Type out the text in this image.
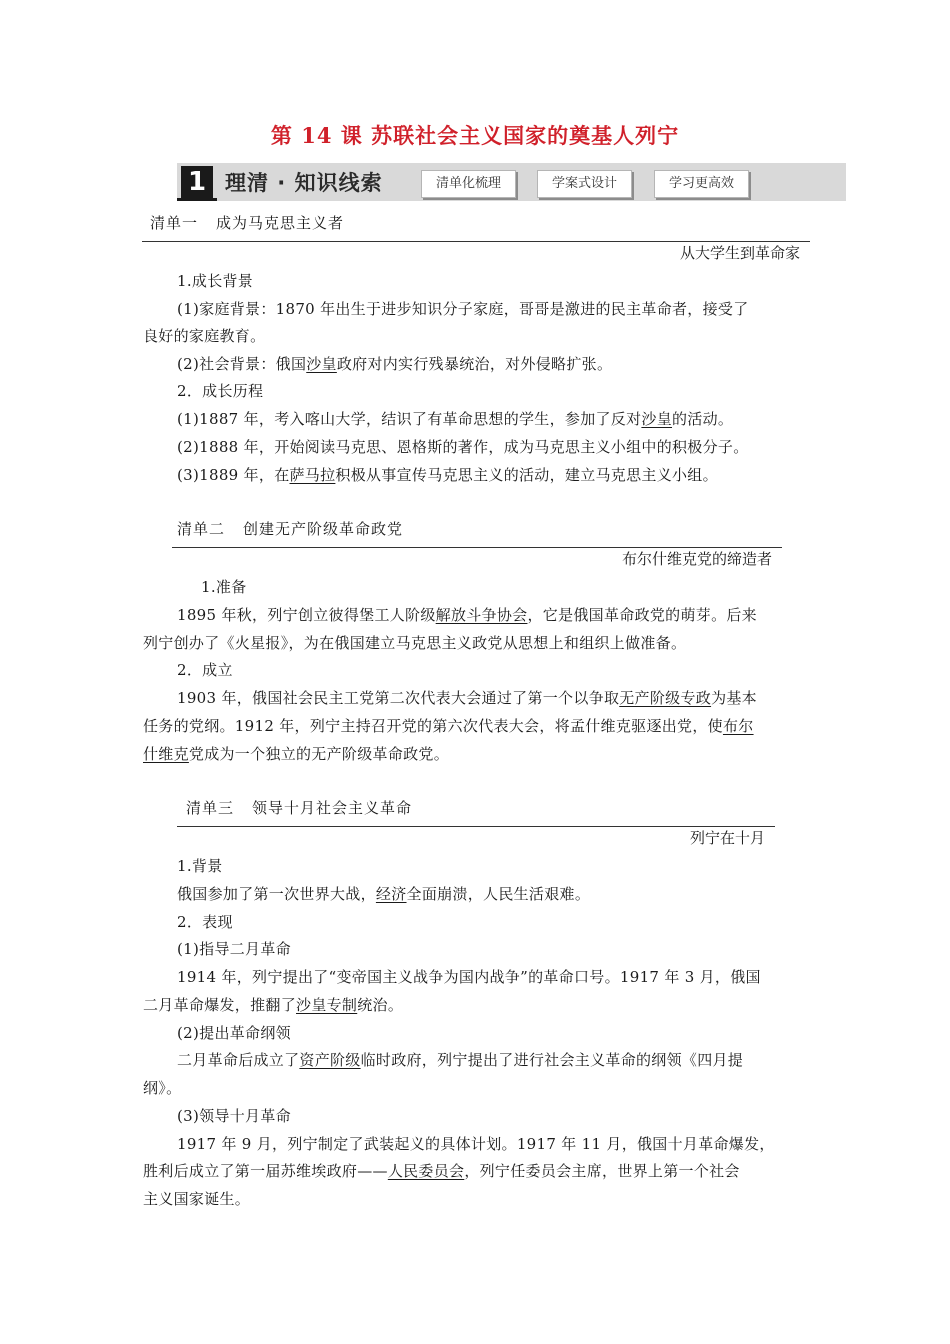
第 14 课 苏联社会主义国家的奠基人列宁
1 理清 · 知识线索	清单化梳理	学案式设计	学习更高效
清单一 成为马克思主义者
从大学生到革命家
1.成长背景
(1)家庭背景：1870 年出生于进步知识分子家庭，哥哥是激进的民主革命者，接受了
良好的家庭教育。
(2)社会背景：俄国沙皇政府对内实行残暴统治，对外侵略扩张。
2．成长历程
(1)1887 年，考入喀山大学，结识了有革命思想的学生，参加了反对沙皇的活动。
(2)1888 年，开始阅读马克思、恩格斯的著作，成为马克思主义小组中的积极分子。
(3)1889 年，在萨马拉积极从事宣传马克思主义的活动，建立马克思主义小组。
清单二 创建无产阶级革命政党
布尔什维克党的缔造者
1.准备
1895 年秋，列宁创立彼得堡工人阶级解放斗争协会，它是俄国革命政党的萌芽。后来
列宁创办了《火星报》，为在俄国建立马克思主义政党从思想上和组织上做准备。
2．成立
1903 年，俄国社会民主工党第二次代表大会通过了第一个以争取无产阶级专政为基本
任务的党纲。1912 年，列宁主持召开党的第六次代表大会，将孟什维克驱逐出党，使布尔
什维克党成为一个独立的无产阶级革命政党。
清单三 领导十月社会主义革命
列宁在十月
1.背景
俄国参加了第一次世界大战，经济全面崩溃，人民生活艰难。
2．表现
(1)指导二月革命
1914 年，列宁提出了“变帝国主义战争为国内战争”的革命口号。1917 年 3 月，俄国
二月革命爆发，推翻了沙皇专制统治。
(2)提出革命纲领
二月革命后成立了资产阶级临时政府，列宁提出了进行社会主义革命的纲领《四月提
纲》。
(3)领导十月革命
1917 年 9 月，列宁制定了武装起义的具体计划。1917 年 11 月，俄国十月革命爆发，
胜利后成立了第一届苏维埃政府——人民委员会，列宁任委员会主席，世界上第一个社会
主义国家诞生。
